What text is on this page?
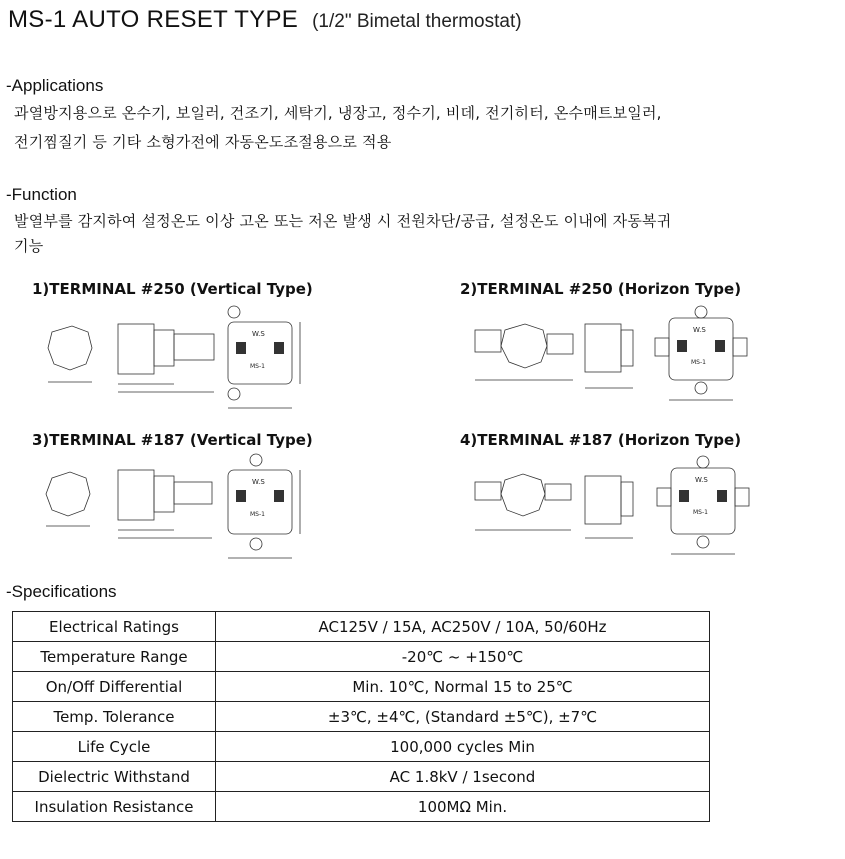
MS-1 AUTO RESET TYPE (1/2" Bimetal thermostat)
-Applications
과열방지용으로 온수기, 보일러, 건조기, 세탁기, 냉장고, 정수기, 비데, 전기히터, 온수매트보일러,
전기찜질기 등 기타 소형가전에 자동온도조절용으로 적용
-Function
발열부를 감지하여 설정온도 이상 고온 또는 저온 발생 시 전원차단/공급, 설정온도 이내에 자동복귀
기능
1)TERMINAL #250 (Vertical Type)	2)TERMINAL #250 (Horizon Type)
3)TERMINAL #187 (Vertical Type)	4)TERMINAL #187 (Horizon Type)
W.S
MS-1
W.S
MS-1
W.S
MS-1
W.S
MS-1
-Specifications
Electrical Ratings	AC125V / 15A, AC250V / 10A, 50/60Hz
Temperature Range	-20℃ ~ +150℃
On/Off Differential	Min. 10℃, Normal 15 to 25℃
Temp. Tolerance	±3℃, ±4℃, (Standard ±5℃), ±7℃
Life Cycle	100,000 cycles Min
Dielectric Withstand	AC 1.8kV / 1second
Insulation Resistance	100MΩ Min.
